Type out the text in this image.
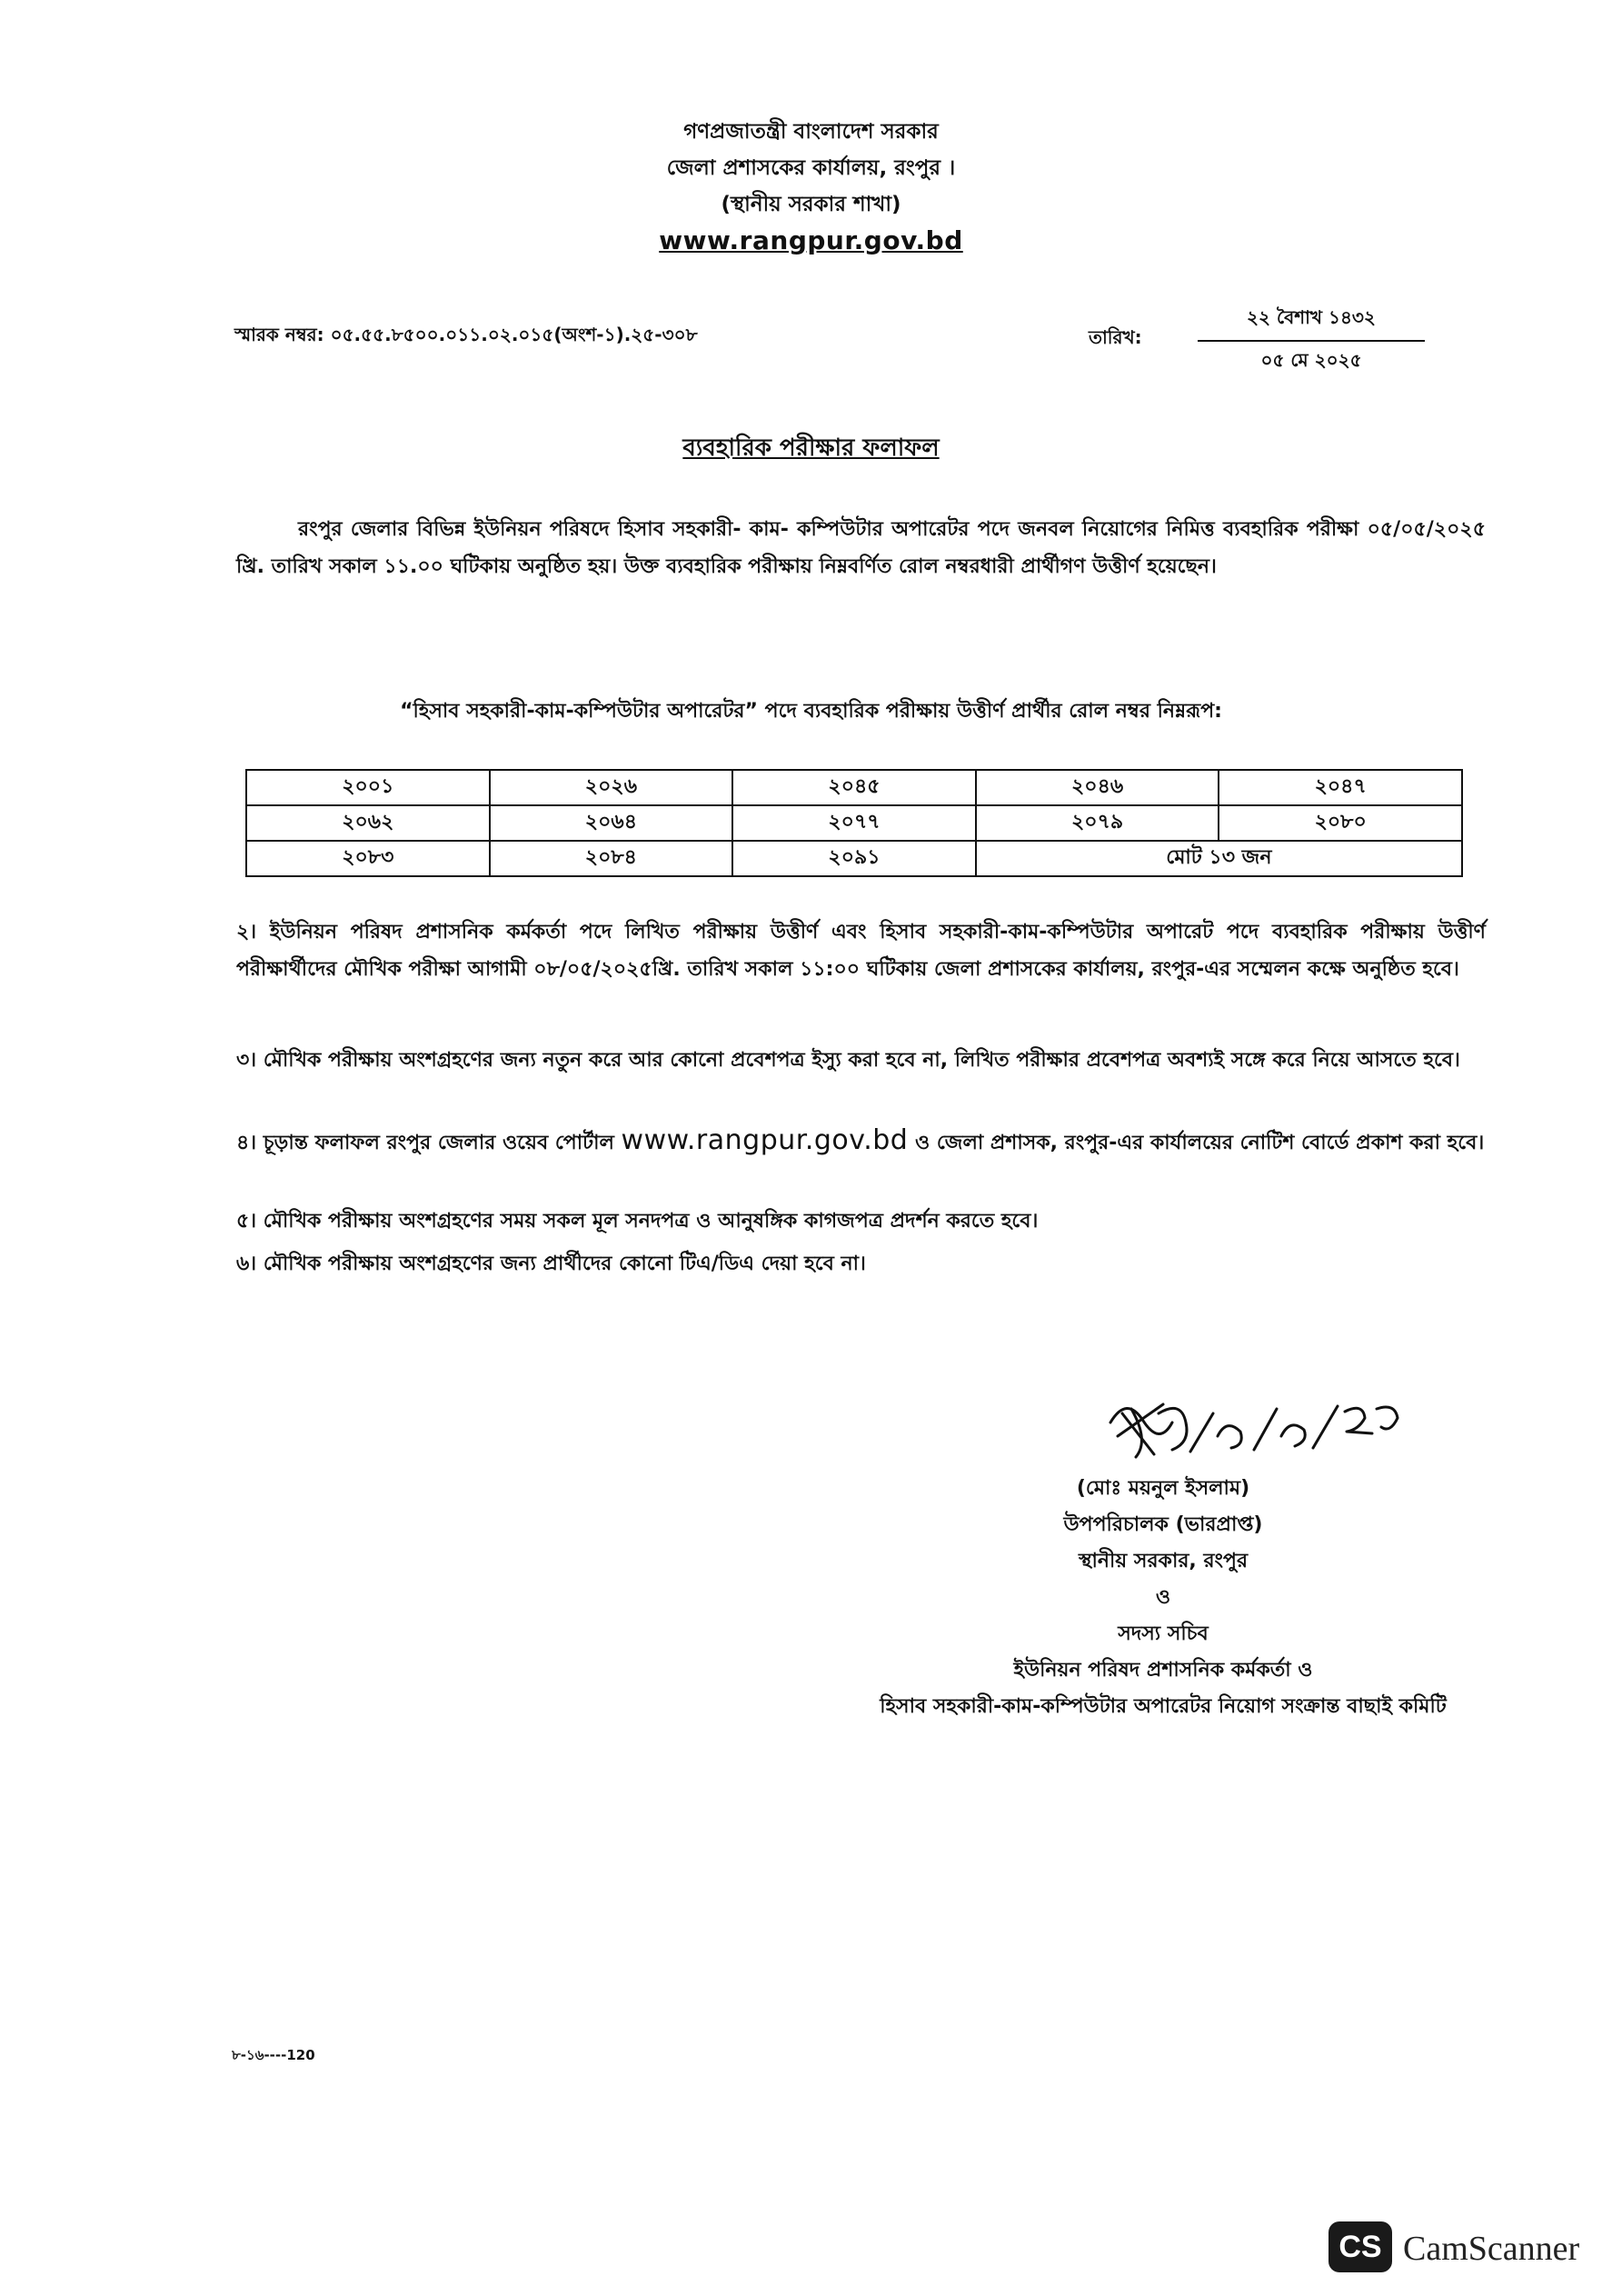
গণপ্রজাতন্ত্রী বাংলাদেশ সরকার
জেলা প্রশাসকের কার্যালয়, রংপুর ।
(স্থানীয় সরকার শাখা)
www.rangpur.gov.bd
স্মারক নম্বর: ০৫.৫৫.৮৫০০.০১১.০২.০১৫(অংশ-১).২৫-৩০৮	তারিখ:
২২ বৈশাখ ১৪৩২
০৫ মে ২০২৫
ব্যবহারিক পরীক্ষার ফলাফল
রংপুর জেলার বিভিন্ন ইউনিয়ন পরিষদে হিসাব সহকারী- কাম- কম্পিউটার অপারেটর পদে জনবল নিয়োগের নিমিত্ত ব্যবহারিক পরীক্ষা ০৫/০৫/২০২৫ খ্রি. তারিখ সকাল ১১.০০ ঘটিকায় অনুষ্ঠিত হয়। উক্ত ব্যবহারিক পরীক্ষায় নিম্নবর্ণিত রোল নম্বরধারী প্রার্থীগণ উত্তীর্ণ হয়েছেন।
“হিসাব সহকারী-কাম-কম্পিউটার অপারেটর” পদে ব্যবহারিক পরীক্ষায় উত্তীর্ণ প্রার্থীর রোল নম্বর নিম্নরূপ:
২০০১	২০২৬	২০৪৫	২০৪৬	২০৪৭
২০৬২	২০৬৪	২০৭৭	২০৭৯	২০৮০
২০৮৩	২০৮৪	২০৯১	মোট ১৩ জন	
২। ইউনিয়ন পরিষদ প্রশাসনিক কর্মকর্তা পদে লিখিত পরীক্ষায় উত্তীর্ণ এবং হিসাব সহকারী-কাম-কম্পিউটার অপারেট পদে ব্যবহারিক পরীক্ষায় উত্তীর্ণ পরীক্ষার্থীদের মৌখিক পরীক্ষা আগামী ০৮/০৫/২০২৫খ্রি. তারিখ সকাল ১১:০০ ঘটিকায় জেলা প্রশাসকের কার্যালয়, রংপুর-এর সম্মেলন কক্ষে অনুষ্ঠিত হবে।
৩। মৌখিক পরীক্ষায় অংশগ্রহণের জন্য নতুন করে আর কোনো প্রবেশপত্র ইস্যু করা হবে না, লিখিত পরীক্ষার প্রবেশপত্র অবশ্যই সঙ্গে করে নিয়ে আসতে হবে।
৪। চূড়ান্ত ফলাফল রংপুর জেলার ওয়েব পোর্টাল www.rangpur.gov.bd ও জেলা প্রশাসক, রংপুর-এর কার্যালয়ের নোটিশ বোর্ডে প্রকাশ করা হবে।
৫। মৌখিক পরীক্ষায় অংশগ্রহণের সময় সকল মূল সনদপত্র ও আনুষঙ্গিক কাগজপত্র প্রদর্শন করতে হবে।
৬। মৌখিক পরীক্ষায় অংশগ্রহণের জন্য প্রার্থীদের কোনো টিএ/ডিএ দেয়া হবে না।
(মোঃ ময়নুল ইসলাম)
উপপরিচালক (ভারপ্রাপ্ত)
স্থানীয় সরকার, রংপুর
ও
সদস্য সচিব
ইউনিয়ন পরিষদ প্রশাসনিক কর্মকর্তা ও
হিসাব সহকারী-কাম-কম্পিউটার অপারেটর নিয়োগ সংক্রান্ত বাছাই কমিটি
৮-১৬----120
CS CamScanner
